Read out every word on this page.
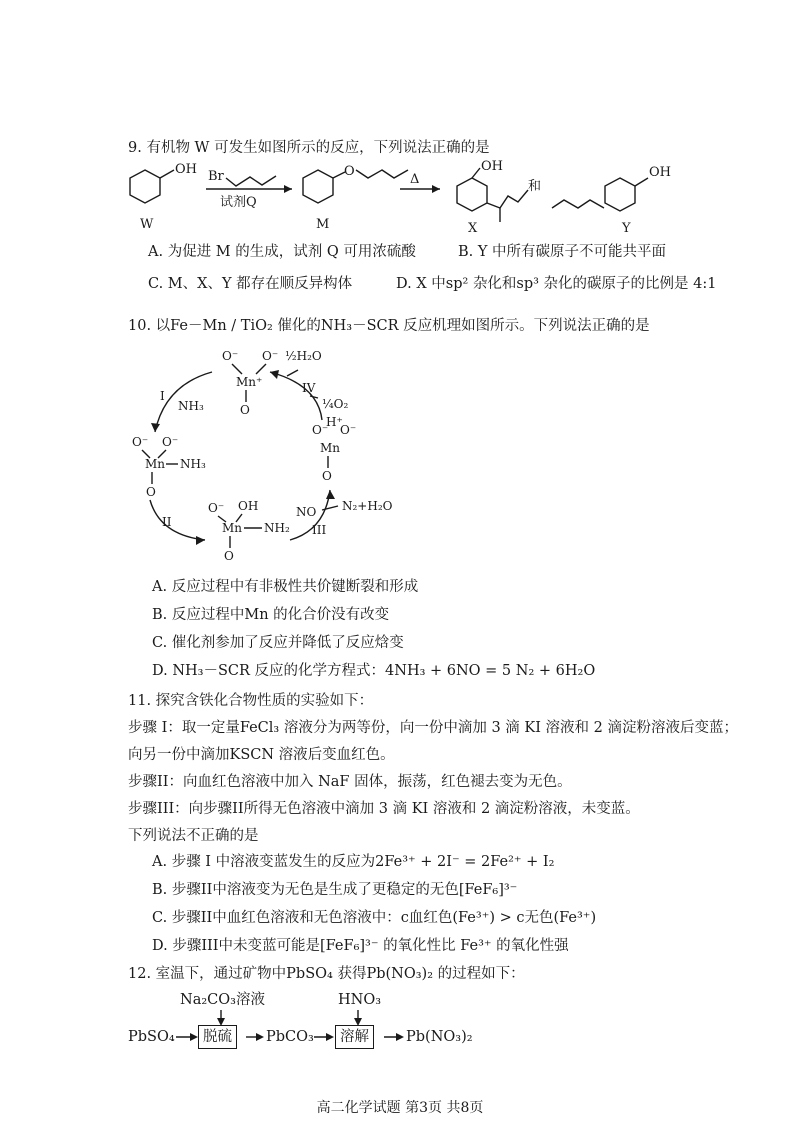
9. 有机物 W 可发生如图所示的反应，下列说法正确的是
OH
W
Br
试剂Q
O
M
Δ
OH
X
和
OH
Y
A. 为促进 M 的生成，试剂 Q 可用浓硫酸	B. Y 中所有碳原子不可能共平面
C. M、X、Y 都存在顺反异构体	D. X 中sp² 杂化和sp³ 杂化的碳原子的比例是 4:1
10. 以Fe－Mn / TiO₂ 催化的NH₃－SCR 反应机理如图所示。下列说法正确的是
O⁻ O⁻
Mn⁺
O
½H₂O
IV
¼O₂
O⁻ O⁻
Mn NH₃
O
I
NH₃
O⁻
H⁺
O⁻
Mn
O
O⁻ OH
Mn NH₂
O
II
NO
III
N₂+H₂O
A. 反应过程中有非极性共价键断裂和形成
B. 反应过程中Mn 的化合价没有改变
C. 催化剂参加了反应并降低了反应焓变
D. NH₃－SCR 反应的化学方程式：4NH₃ + 6NO = 5 N₂ + 6H₂O
11. 探究含铁化合物性质的实验如下：
步骤 I：取一定量FeCl₃ 溶液分为两等份，向一份中滴加 3 滴 KI 溶液和 2 滴淀粉溶液后变蓝；
向另一份中滴加KSCN 溶液后变血红色。
步骤II：向血红色溶液中加入 NaF 固体，振荡，红色褪去变为无色。
步骤III：向步骤II所得无色溶液中滴加 3 滴 KI 溶液和 2 滴淀粉溶液，未变蓝。
下列说法不正确的是
A. 步骤 I 中溶液变蓝发生的反应为2Fe³⁺ + 2I⁻ = 2Fe²⁺ + I₂
B. 步骤II中溶液变为无色是生成了更稳定的无色[FeF₆]³⁻
C. 步骤II中血红色溶液和无色溶液中：c血红色(Fe³⁺) > c无色(Fe³⁺)
D. 步骤III中未变蓝可能是[FeF₆]³⁻ 的氧化性比 Fe³⁺ 的氧化性强
12. 室温下，通过矿物中PbSO₄ 获得Pb(NO₃)₂ 的过程如下：
Na₂CO₃溶液	HNO₃
PbSO₄	脱硫	PbCO₃	溶解	Pb(NO₃)₂
高二化学试题 第3页 共8页
